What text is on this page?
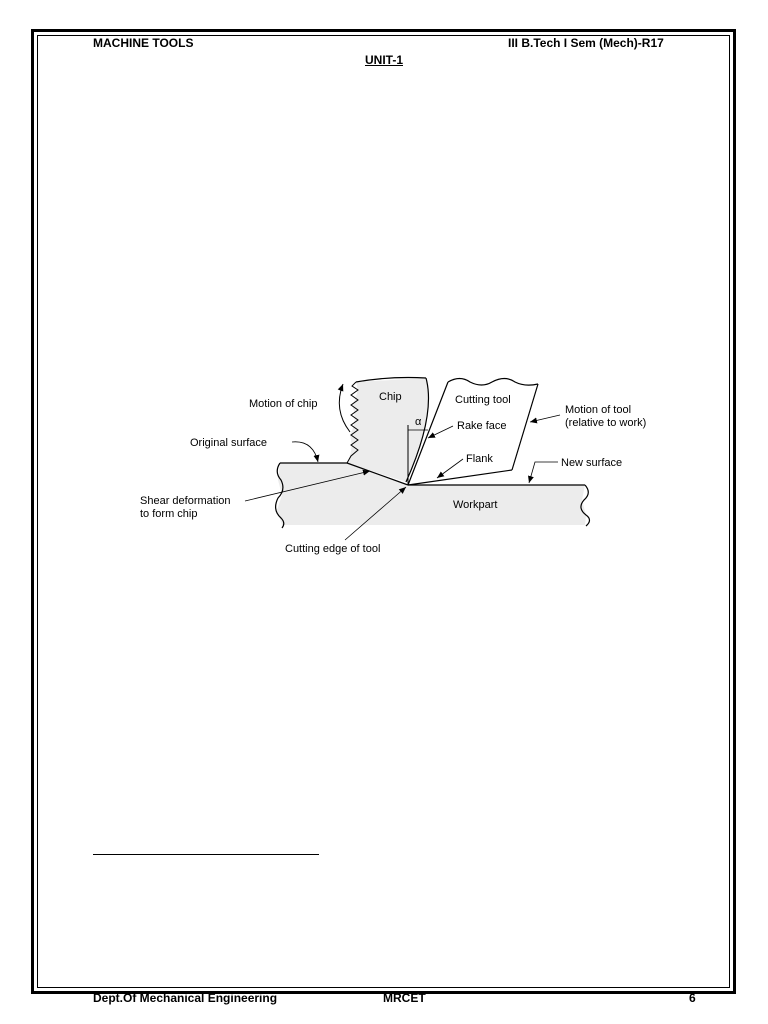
MACHINE TOOLS	III B.Tech I Sem (Mech)-R17
UNIT-1
α
Motion of chip
Chip	Cutting tool
Motion of tool
(relative to work)
Rake face
Original surface
Flank	New surface
Shear deformation
to form chip
Workpart
Cutting edge of tool
Dept.Of Mechanical Engineering	MRCET	6
